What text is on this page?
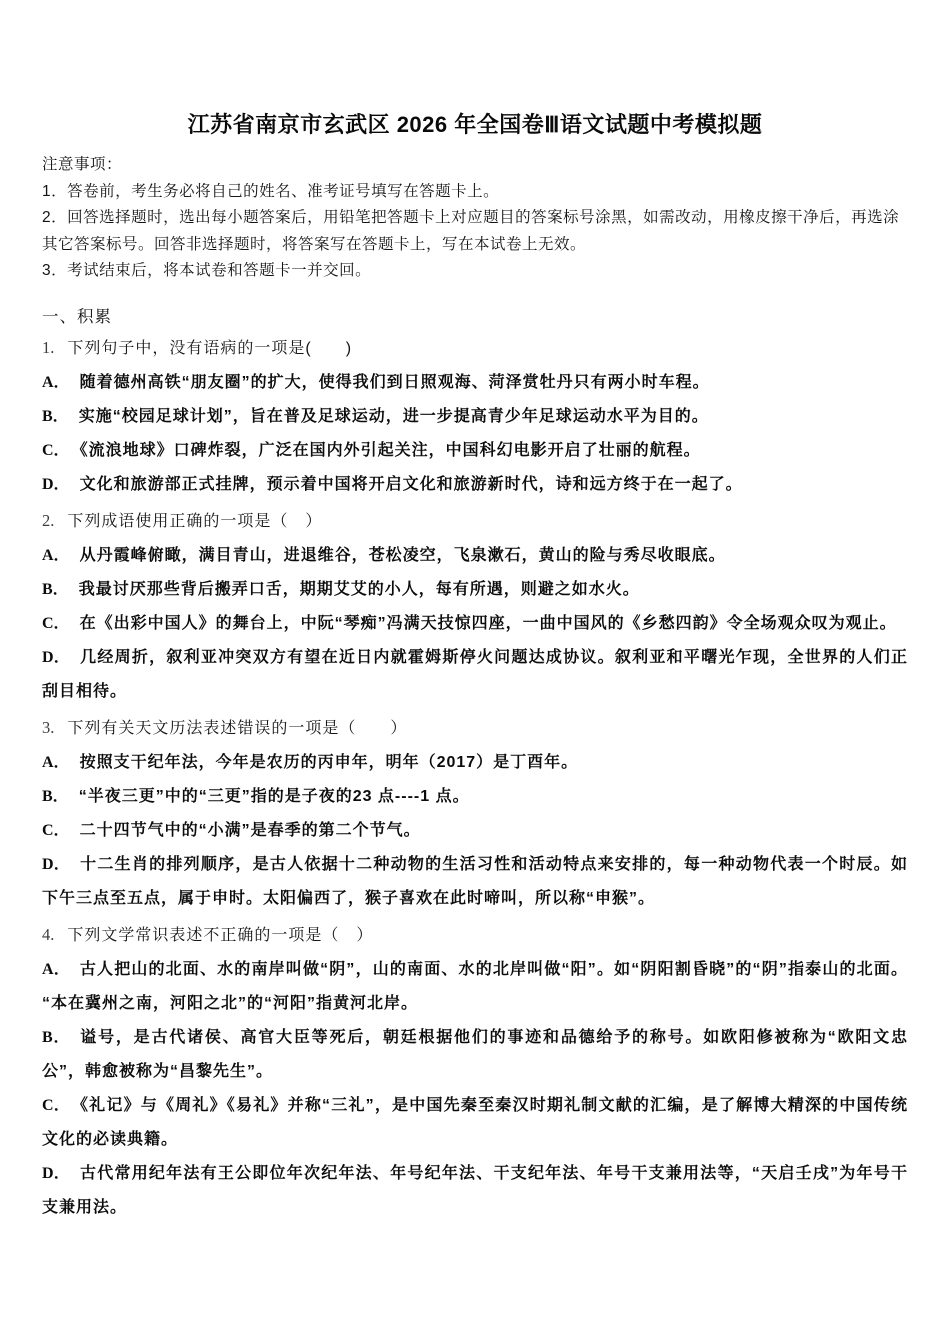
江苏省南京市玄武区 2026 年全国卷Ⅲ语文试题中考模拟题

注意事项：

1．答卷前，考生务必将自己的姓名、准考证号填写在答题卡上。

2．回答选择题时，选出每小题答案后，用铅笔把答题卡上对应题目的答案标号涂黑，如需改动，用橡皮擦干净后，再选涂其它答案标号。回答非选择题时，将答案写在答题卡上，写在本试卷上无效。

3．考试结束后，将本试卷和答题卡一并交回。

一、积累

1. 下列句子中，没有语病的一项是(　　)

A． 随着德州高铁“朋友圈”的扩大，使得我们到日照观海、菏泽赏牡丹只有两小时车程。

B． 实施“校园足球计划”，旨在普及足球运动，进一步提高青少年足球运动水平为目的。

C． 《流浪地球》口碑炸裂，广泛在国内外引起关注，中国科幻电影开启了壮丽的航程。

D． 文化和旅游部正式挂牌，预示着中国将开启文化和旅游新时代，诗和远方终于在一起了。

2. 下列成语使用正确的一项是（　）

A． 从丹霞峰俯瞰，满目青山，进退维谷，苍松凌空，飞泉漱石，黄山的险与秀尽收眼底。

B． 我最讨厌那些背后搬弄口舌，期期艾艾的小人，每有所遇，则避之如水火。

C． 在《出彩中国人》的舞台上，中阮“琴痴”冯满天技惊四座，一曲中国风的《乡愁四韵》令全场观众叹为观止。

D． 几经周折，叙利亚冲突双方有望在近日内就霍姆斯停火问题达成协议。叙利亚和平曙光乍现，全世界的人们正刮目相待。

3. 下列有关天文历法表述错误的一项是（　　）

A． 按照支干纪年法，今年是农历的丙申年，明年（2017）是丁酉年。

B． “半夜三更”中的“三更”指的是子夜的23 点----1 点。

C． 二十四节气中的“小满”是春季的第二个节气。

D． 十二生肖的排列顺序，是古人依据十二种动物的生活习性和活动特点来安排的，每一种动物代表一个时辰。如下午三点至五点，属于申时。太阳偏西了，猴子喜欢在此时啼叫，所以称“申猴”。

4. 下列文学常识表述不正确的一项是（　）

A． 古人把山的北面、水的南岸叫做“阴”，山的南面、水的北岸叫做“阳”。如“阴阳割昏晓”的“阴”指泰山的北面。“本在冀州之南，河阳之北”的“河阳”指黄河北岸。

B． 谥号，是古代诸侯、高官大臣等死后，朝廷根据他们的事迹和品德给予的称号。如欧阳修被称为“欧阳文忠公”，韩愈被称为“昌黎先生”。

C． 《礼记》与《周礼》《易礼》并称“三礼”，是中国先秦至秦汉时期礼制文献的汇编，是了解博大精深的中国传统文化的必读典籍。

D． 古代常用纪年法有王公即位年次纪年法、年号纪年法、干支纪年法、年号干支兼用法等，“天启壬戌”为年号干支兼用法。
